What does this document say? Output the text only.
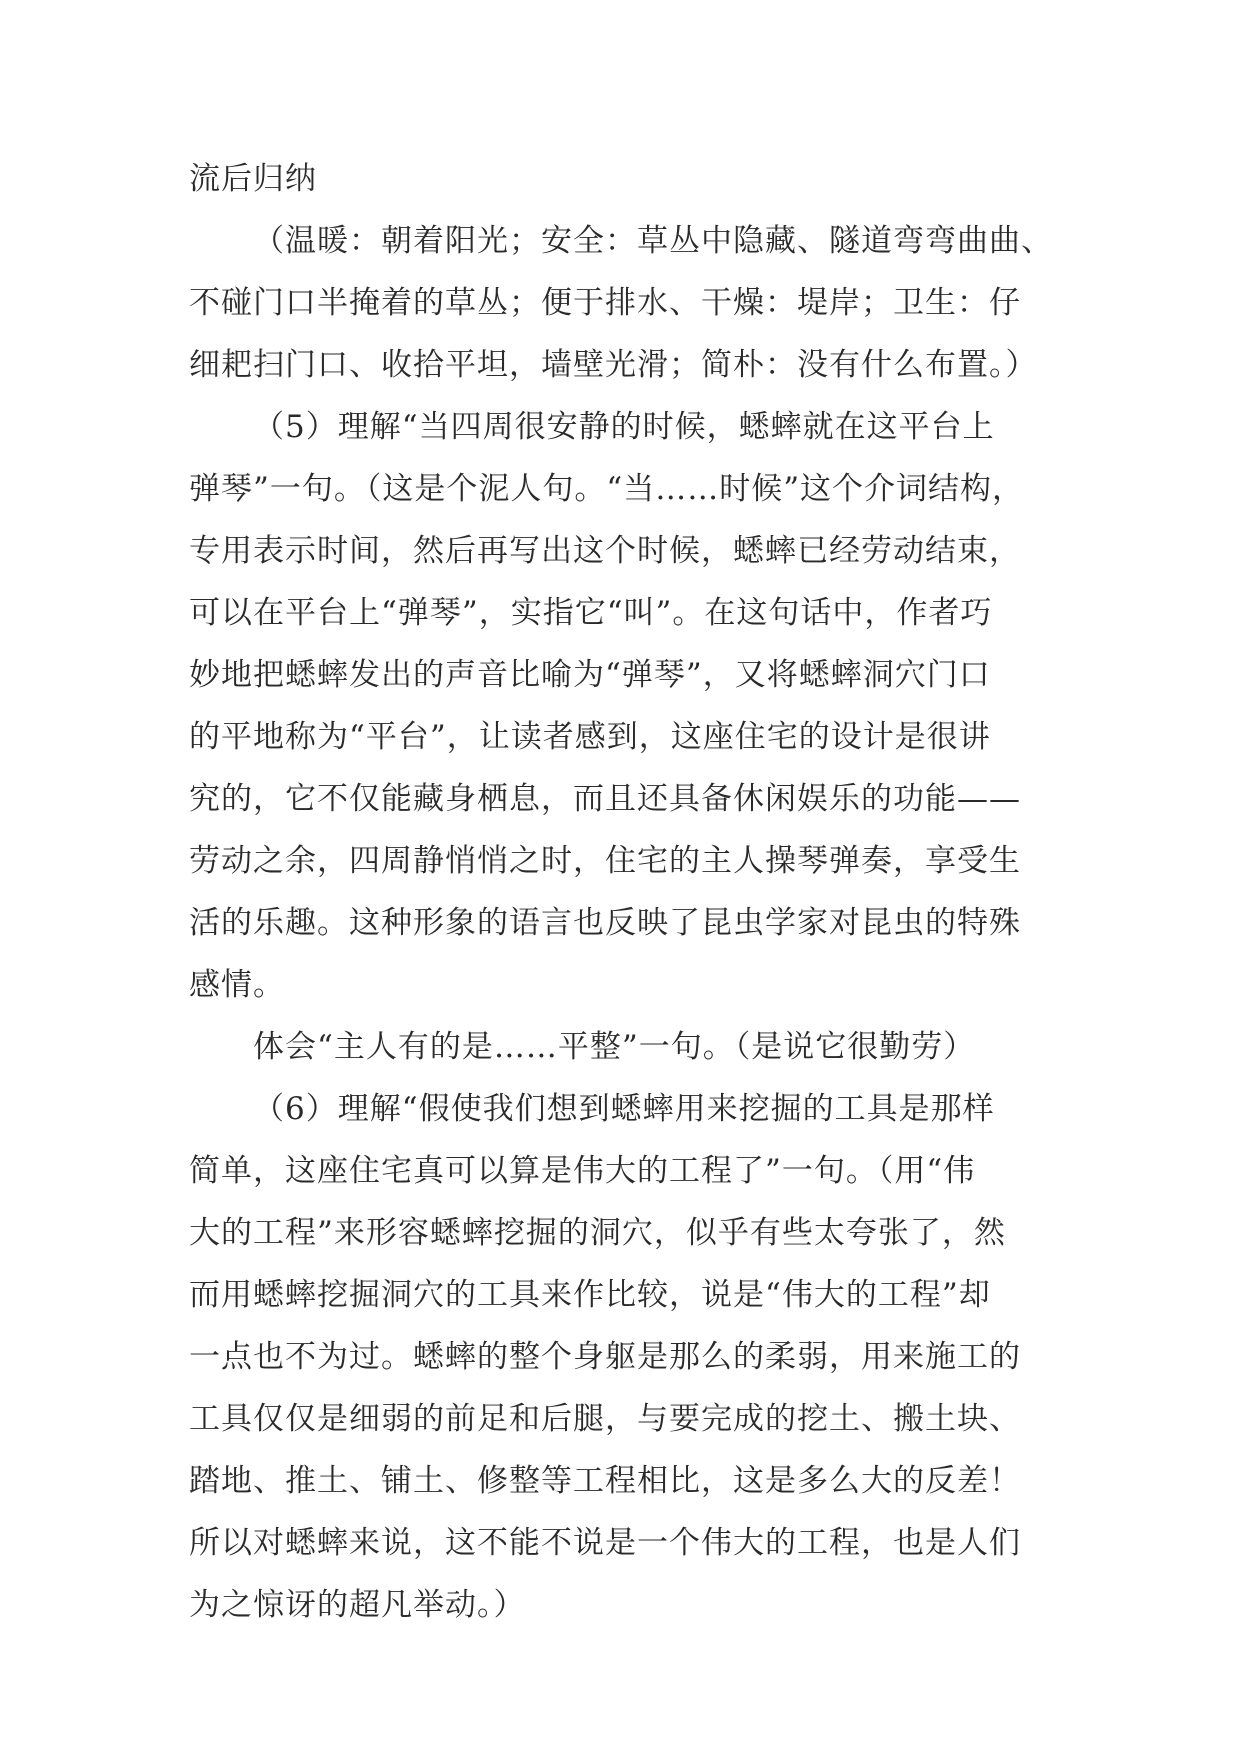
流后归纳
（温暖：朝着阳光；安全：草丛中隐藏、隧道弯弯曲曲、
不碰门口半掩着的草丛；便于排水、干燥：堤岸；卫生：仔
细耙扫门口、收拾平坦，墙壁光滑；简朴：没有什么布置。）
（5）理解“当四周很安静的时候，蟋蟀就在这平台上
弹琴”一句。（这是个泥人句。“当……时候”这个介词结构，
专用表示时间，然后再写出这个时候，蟋蟀已经劳动结束，
可以在平台上“弹琴”，实指它“叫”。在这句话中，作者巧
妙地把蟋蟀发出的声音比喻为“弹琴”，又将蟋蟀洞穴门口
的平地称为“平台”，让读者感到，这座住宅的设计是很讲
究的，它不仅能藏身栖息，而且还具备休闲娱乐的功能——
劳动之余，四周静悄悄之时，住宅的主人操琴弹奏，享受生
活的乐趣。这种形象的语言也反映了昆虫学家对昆虫的特殊
感情。
体会“主人有的是……平整”一句。（是说它很勤劳）
（6）理解“假使我们想到蟋蟀用来挖掘的工具是那样
简单，这座住宅真可以算是伟大的工程了”一句。（用“伟
大的工程”来形容蟋蟀挖掘的洞穴，似乎有些太夸张了，然
而用蟋蟀挖掘洞穴的工具来作比较，说是“伟大的工程”却
一点也不为过。蟋蟀的整个身躯是那么的柔弱，用来施工的
工具仅仅是细弱的前足和后腿，与要完成的挖土、搬土块、
踏地、推土、铺土、修整等工程相比，这是多么大的反差！
所以对蟋蟀来说，这不能不说是一个伟大的工程，也是人们
为之惊讶的超凡举动。）
